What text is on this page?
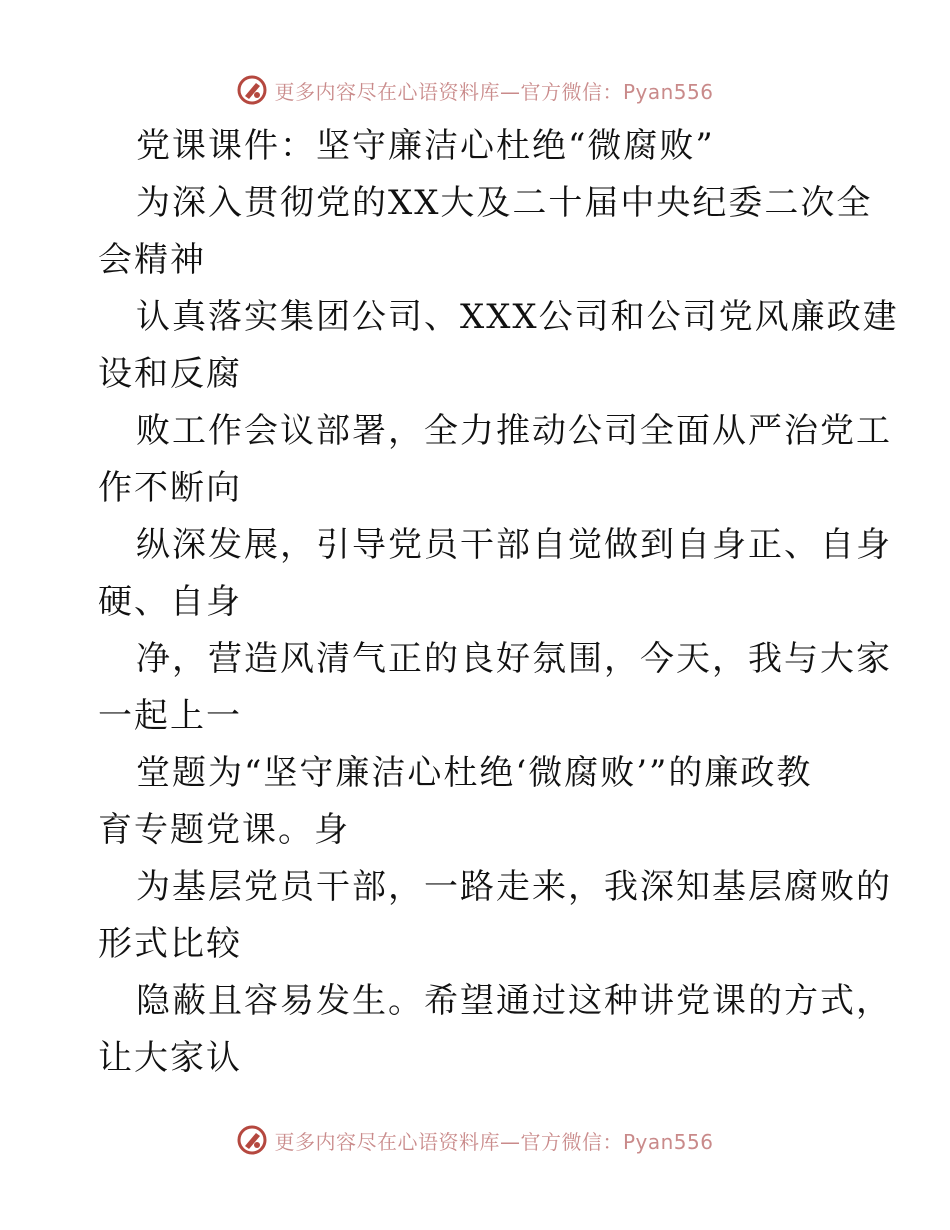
更多内容尽在心语资料库—官方微信：Pyan556
党课课件：坚守廉洁心杜绝“微腐败”
为深入贯彻党的XX大及二十届中央纪委二次全
会精神
认真落实集团公司、XXX公司和公司党风廉政建
设和反腐
败工作会议部署，全力推动公司全面从严治党工
作不断向
纵深发展，引导党员干部自觉做到自身正、自身
硬、自身
净，营造风清气正的良好氛围，今天，我与大家
一起上一
堂题为“坚守廉洁心杜绝‘微腐败’”的廉政教
育专题党课。身
为基层党员干部，一路走来，我深知基层腐败的
形式比较
隐蔽且容易发生。希望通过这种讲党课的方式，
让大家认
更多内容尽在心语资料库—官方微信：Pyan556
